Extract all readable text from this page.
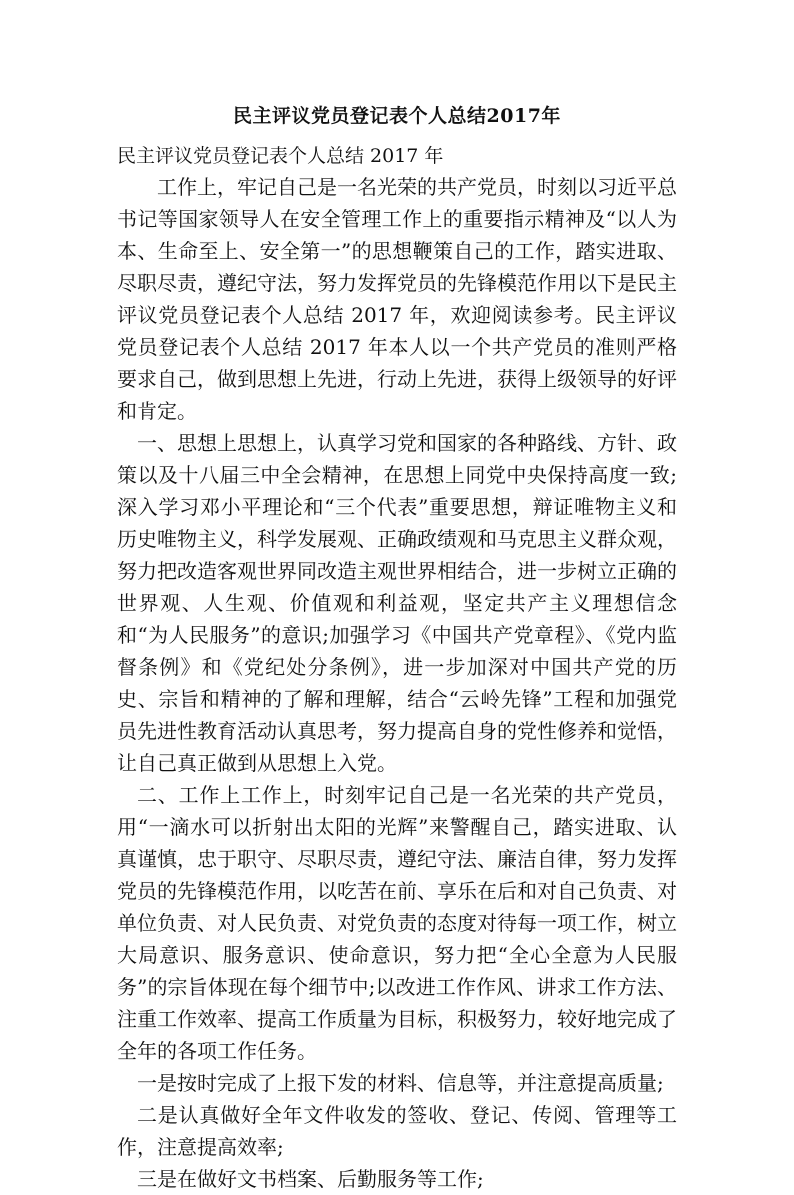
民主评议党员登记表个人总结2017年

民主评议党员登记表个人总结 2017 年

工作上，牢记自己是一名光荣的共产党员，时刻以习近平总书记等国家领导人在安全管理工作上的重要指示精神及“以人为本、生命至上、安全第一”的思想鞭策自己的工作，踏实进取、尽职尽责，遵纪守法，努力发挥党员的先锋模范作用以下是民主评议党员登记表个人总结 2017 年，欢迎阅读参考。民主评议党员登记表个人总结 2017 年本人以一个共产党员的准则严格要求自己，做到思想上先进，行动上先进，获得上级领导的好评和肯定。

一、思想上思想上，认真学习党和国家的各种路线、方针、政策以及十八届三中全会精神，在思想上同党中央保持高度一致;深入学习邓小平理论和“三个代表”重要思想，辩证唯物主义和历史唯物主义，科学发展观、正确政绩观和马克思主义群众观，努力把改造客观世界同改造主观世界相结合，进一步树立正确的世界观、人生观、价值观和利益观，坚定共产主义理想信念和“为人民服务”的意识;加强学习《中国共产党章程》、《党内监督条例》和《党纪处分条例》，进一步加深对中国共产党的历史、宗旨和精神的了解和理解，结合“云岭先锋”工程和加强党员先进性教育活动认真思考，努力提高自身的党性修养和觉悟，让自己真正做到从思想上入党。

二、工作上工作上，时刻牢记自己是一名光荣的共产党员，用“一滴水可以折射出太阳的光辉”来警醒自己，踏实进取、认真谨慎，忠于职守、尽职尽责，遵纪守法、廉洁自律，努力发挥党员的先锋模范作用，以吃苦在前、享乐在后和对自己负责、对单位负责、对人民负责、对党负责的态度对待每一项工作，树立大局意识、服务意识、使命意识，努力把“全心全意为人民服务”的宗旨体现在每个细节中;以改进工作作风、讲求工作方法、注重工作效率、提高工作质量为目标，积极努力，较好地完成了全年的各项工作任务。

一是按时完成了上报下发的材料、信息等，并注意提高质量;

二是认真做好全年文件收发的签收、登记、传阅、管理等工作，注意提高效率;

三是在做好文书档案、后勤服务等工作;
